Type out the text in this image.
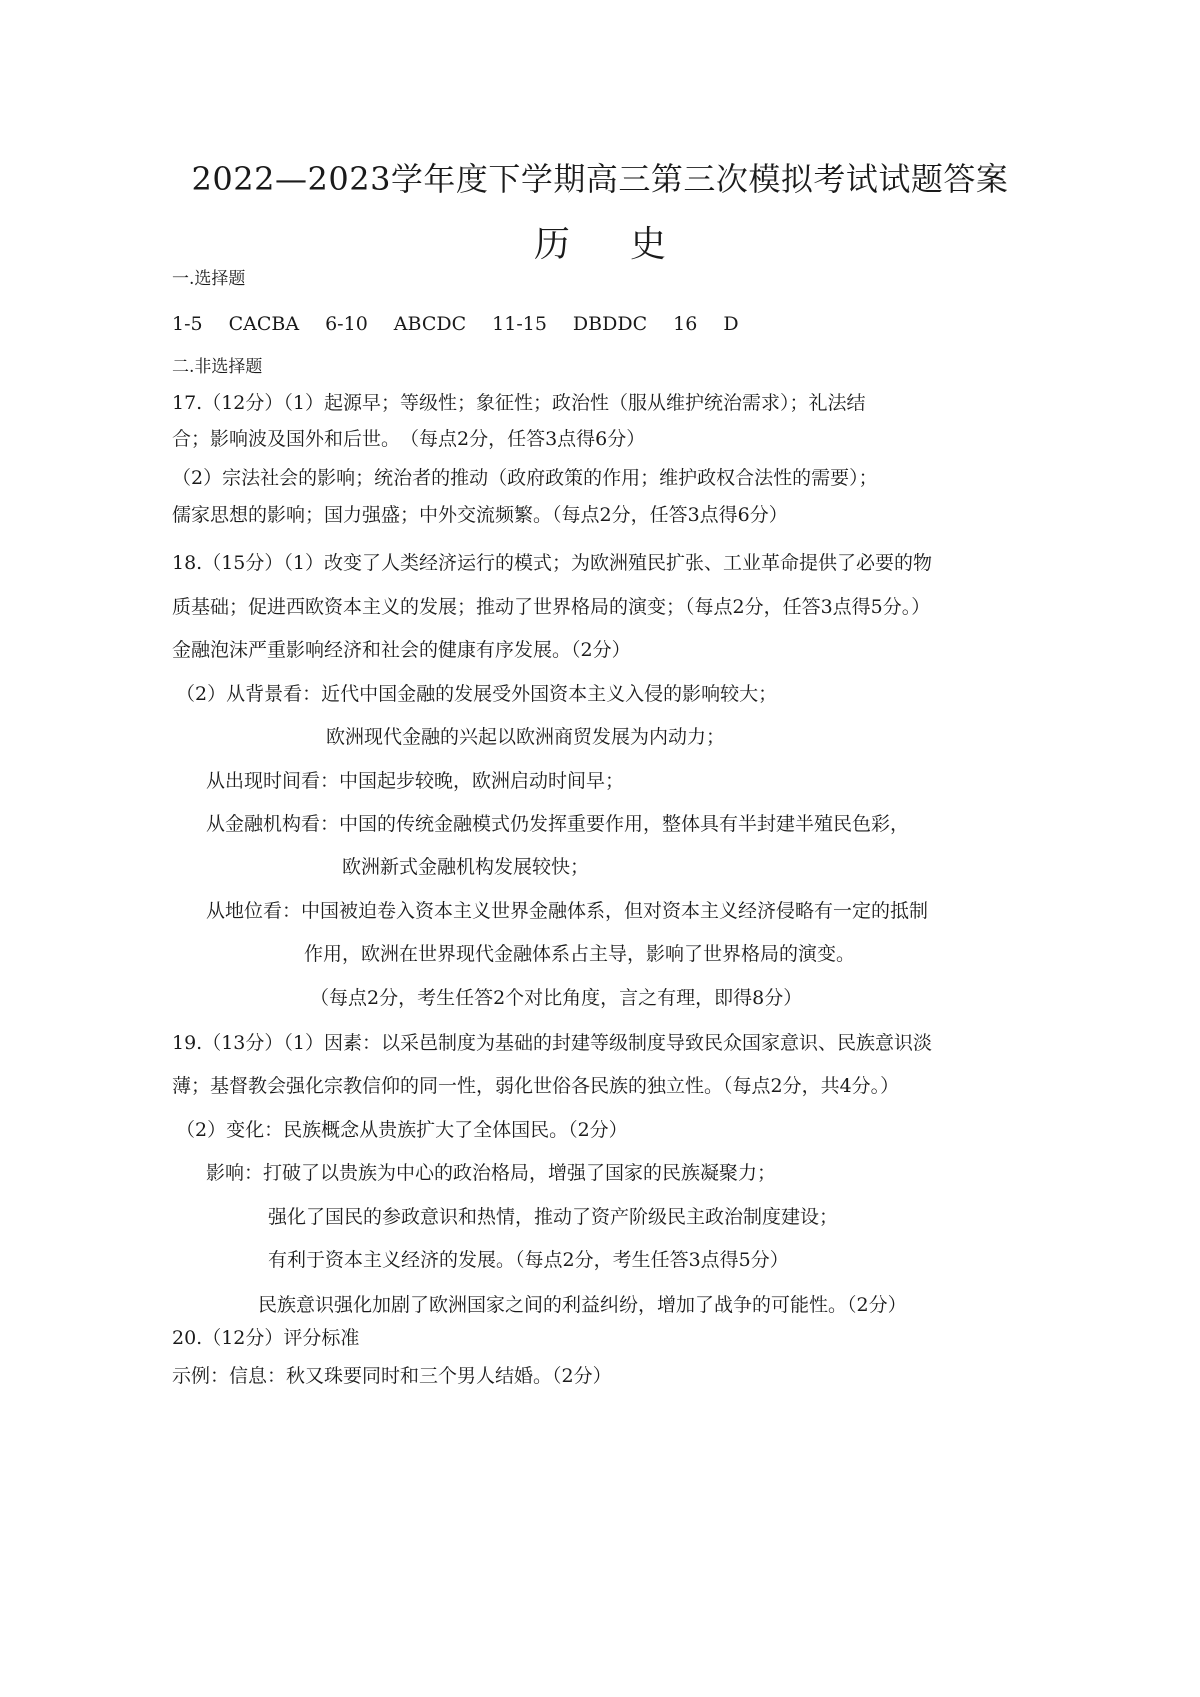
2022—2023学年度下学期高三第三次模拟考试试题答案
历史
一.选择题
1-5 CACBA 6-10 ABCDC 11-15 DBDDC 16 D
二.非选择题
17.（12分）（1）起源早；等级性；象征性；政治性（服从维护统治需求）；礼法结
合；影响波及国外和后世。　（每点2分，任答3点得6分）
（2）宗法社会的影响；统治者的推动（政府政策的作用；维护政权合法性的需要）；
儒家思想的影响；国力强盛；中外交流频繁。（每点2分，任答3点得6分）
18.（15分）（1）改变了人类经济运行的模式；为欧洲殖民扩张、工业革命提供了必要的物
质基础；促进西欧资本主义的发展；推动了世界格局的演变；（每点2分，任答3点得5分。）
金融泡沫严重影响经济和社会的健康有序发展。（2分）
（2）从背景看：近代中国金融的发展受外国资本主义入侵的影响较大；
欧洲现代金融的兴起以欧洲商贸发展为内动力；
从出现时间看：中国起步较晚，欧洲启动时间早；
从金融机构看：中国的传统金融模式仍发挥重要作用，整体具有半封建半殖民色彩，
欧洲新式金融机构发展较快；
从地位看：中国被迫卷入资本主义世界金融体系，但对资本主义经济侵略有一定的抵制
作用，欧洲在世界现代金融体系占主导，影响了世界格局的演变。
（每点2分，考生任答2个对比角度，言之有理，即得8分）
19.（13分）（1）因素：以采邑制度为基础的封建等级制度导致民众国家意识、民族意识淡
薄；基督教会强化宗教信仰的同一性，弱化世俗各民族的独立性。（每点2分，共4分。）
（2）变化：民族概念从贵族扩大了全体国民。（2分）
影响：打破了以贵族为中心的政治格局，增强了国家的民族凝聚力；
强化了国民的参政意识和热情，推动了资产阶级民主政治制度建设；
有利于资本主义经济的发展。（每点2分，考生任答3点得5分）
民族意识强化加剧了欧洲国家之间的利益纠纷，增加了战争的可能性。（2分）
20.（12分）评分标准
示例：信息：秋又珠要同时和三个男人结婚。（2分）
